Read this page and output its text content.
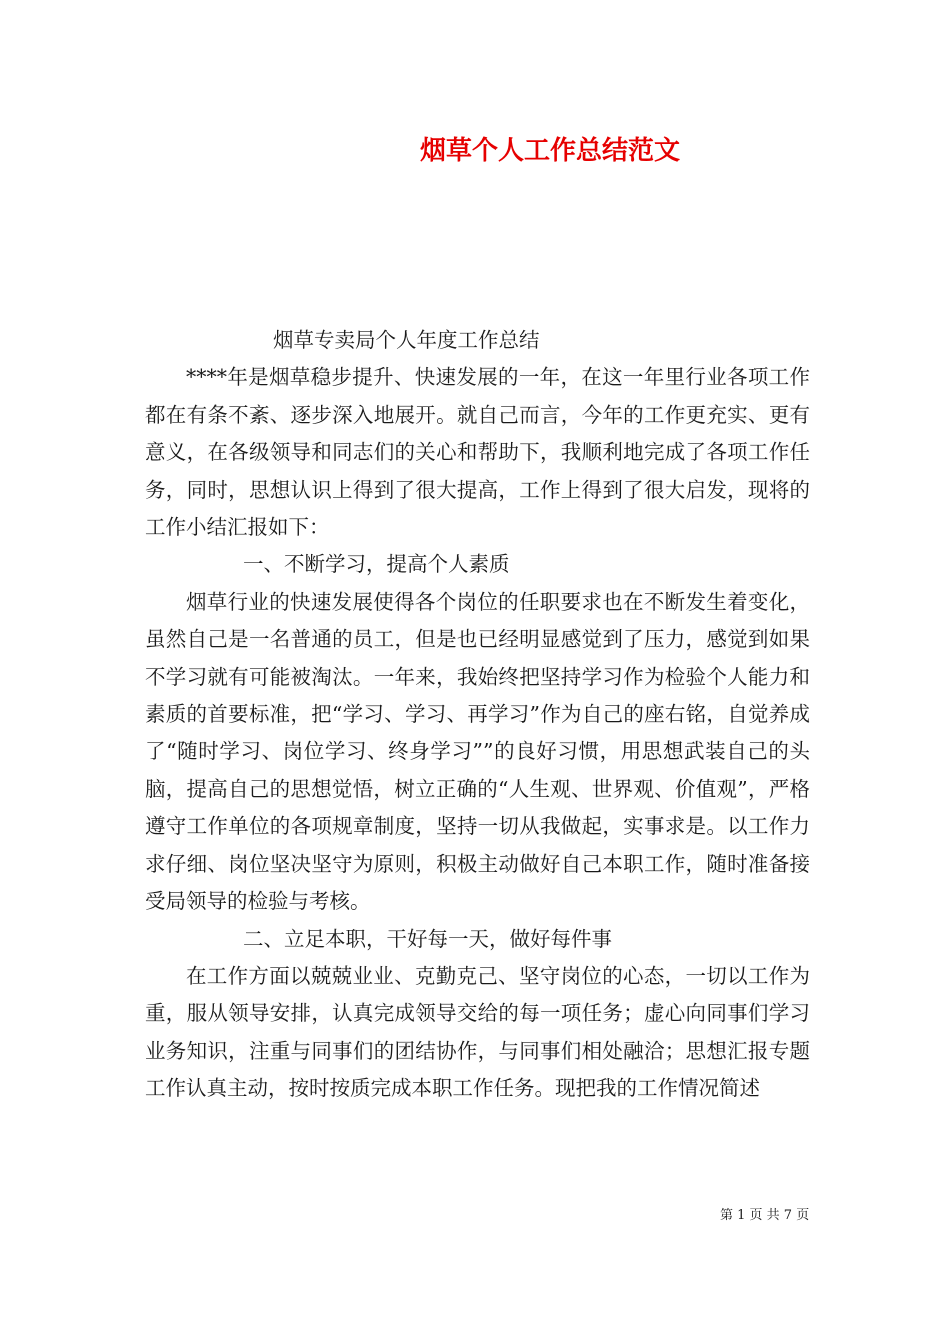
烟草个人工作总结范文

烟草专卖局个人年度工作总结

****年是烟草稳步提升、快速发展的一年，在这一年里行业各项工作都在有条不紊、逐步深入地展开。就自己而言，今年的工作更充实、更有意义，在各级领导和同志们的关心和帮助下，我顺利地完成了各项工作任务，同时，思想认识上得到了很大提高，工作上得到了很大启发，现将的工作小结汇报如下：

一、不断学习，提高个人素质

烟草行业的快速发展使得各个岗位的任职要求也在不断发生着变化，虽然自己是一名普通的员工，但是也已经明显感觉到了压力，感觉到如果不学习就有可能被淘汰。一年来，我始终把坚持学习作为检验个人能力和素质的首要标准，把“学习、学习、再学习”作为自己的座右铭，自觉养成了“随时学习、岗位学习、终身学习””的良好习惯，用思想武装自己的头脑，提高自己的思想觉悟，树立正确的“人生观、世界观、价值观”，严格遵守工作单位的各项规章制度，坚持一切从我做起，实事求是。以工作力求仔细、岗位坚决坚守为原则，积极主动做好自己本职工作，随时准备接受局领导的检验与考核。

二、立足本职，干好每一天，做好每件事

在工作方面以兢兢业业、克勤克己、坚守岗位的心态，一切以工作为重，服从领导安排，认真完成领导交给的每一项任务；虚心向同事们学习业务知识，注重与同事们的团结协作，与同事们相处融洽；思想汇报专题工作认真主动，按时按质完成本职工作任务。现把我的工作情况简述

第 1 页 共 7 页
